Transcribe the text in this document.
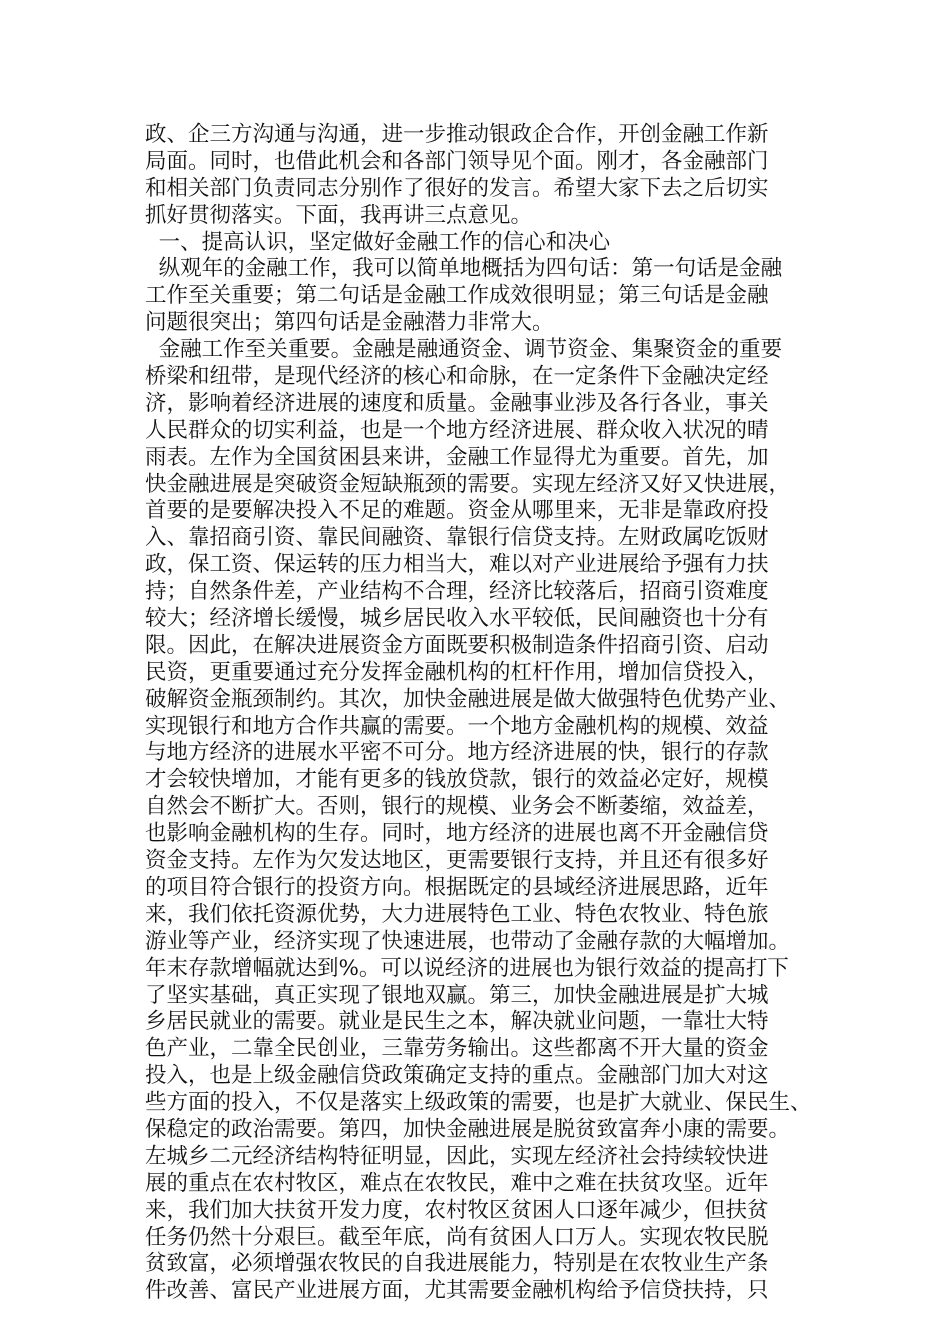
政、企三方沟通与沟通，进一步推动银政企合作，开创金融工作新
局面。同时，也借此机会和各部门领导见个面。刚才，各金融部门
和相关部门负责同志分别作了很好的发言。希望大家下去之后切实
抓好贯彻落实。下面，我再讲三点意见。
一、提高认识，坚定做好金融工作的信心和决心
纵观年的金融工作，我可以简单地概括为四句话：第一句话是金融
工作至关重要；第二句话是金融工作成效很明显；第三句话是金融
问题很突出；第四句话是金融潜力非常大。
金融工作至关重要。金融是融通资金、调节资金、集聚资金的重要
桥梁和纽带，是现代经济的核心和命脉，在一定条件下金融决定经
济，影响着经济进展的速度和质量。金融事业涉及各行各业，事关
人民群众的切实利益，也是一个地方经济进展、群众收入状况的晴
雨表。左作为全国贫困县来讲，金融工作显得尤为重要。首先，加
快金融进展是突破资金短缺瓶颈的需要。实现左经济又好又快进展，
首要的是要解决投入不足的难题。资金从哪里来，无非是靠政府投
入、靠招商引资、靠民间融资、靠银行信贷支持。左财政属吃饭财
政，保工资、保运转的压力相当大，难以对产业进展给予强有力扶
持；自然条件差，产业结构不合理，经济比较落后，招商引资难度
较大；经济增长缓慢，城乡居民收入水平较低，民间融资也十分有
限。因此，在解决进展资金方面既要积极制造条件招商引资、启动
民资，更重要通过充分发挥金融机构的杠杆作用，增加信贷投入，
破解资金瓶颈制约。其次，加快金融进展是做大做强特色优势产业、
实现银行和地方合作共赢的需要。一个地方金融机构的规模、效益
与地方经济的进展水平密不可分。地方经济进展的快，银行的存款
才会较快增加，才能有更多的钱放贷款，银行的效益必定好，规模
自然会不断扩大。否则，银行的规模、业务会不断萎缩，效益差，
也影响金融机构的生存。同时，地方经济的进展也离不开金融信贷
资金支持。左作为欠发达地区，更需要银行支持，并且还有很多好
的项目符合银行的投资方向。根据既定的县域经济进展思路，近年
来，我们依托资源优势，大力进展特色工业、特色农牧业、特色旅
游业等产业，经济实现了快速进展，也带动了金融存款的大幅增加。
年末存款增幅就达到%。可以说经济的进展也为银行效益的提高打下
了坚实基础，真正实现了银地双赢。第三，加快金融进展是扩大城
乡居民就业的需要。就业是民生之本，解决就业问题，一靠壮大特
色产业，二靠全民创业，三靠劳务输出。这些都离不开大量的资金
投入，也是上级金融信贷政策确定支持的重点。金融部门加大对这
些方面的投入，不仅是落实上级政策的需要，也是扩大就业、保民生、
保稳定的政治需要。第四，加快金融进展是脱贫致富奔小康的需要。
左城乡二元经济结构特征明显，因此，实现左经济社会持续较快进
展的重点在农村牧区，难点在农牧民，难中之难在扶贫攻坚。近年
来，我们加大扶贫开发力度，农村牧区贫困人口逐年减少，但扶贫
任务仍然十分艰巨。截至年底，尚有贫困人口万人。实现农牧民脱
贫致富，必须增强农牧民的自我进展能力，特别是在农牧业生产条
件改善、富民产业进展方面，尤其需要金融机构给予信贷扶持，只
